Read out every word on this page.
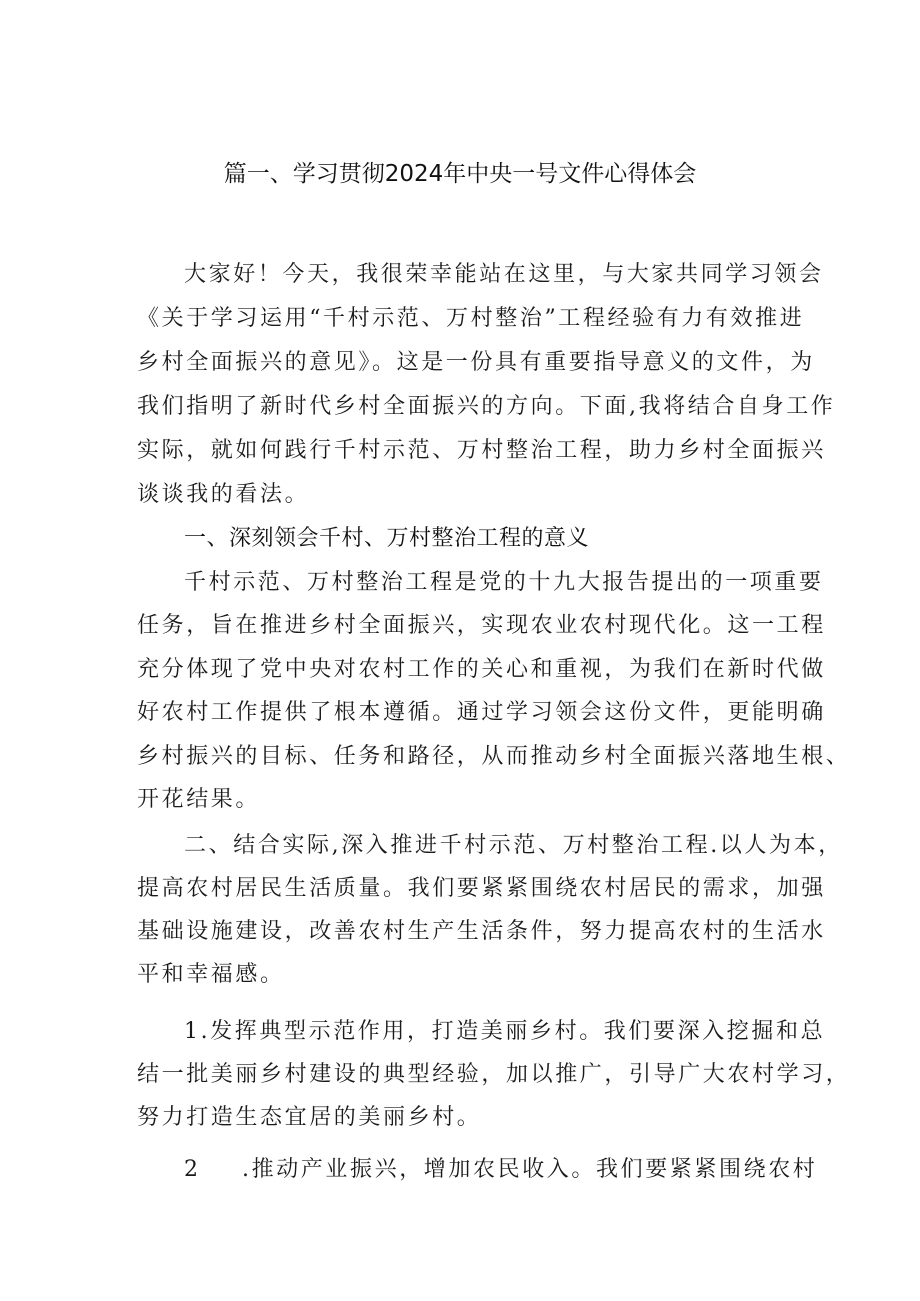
篇一、学习贯彻2024年中央一号文件心得体会
大家好！今天，我很荣幸能站在这里，与大家共同学习领会
《关于学习运用“千村示范、万村整治”工程经验有力有效推进
乡村全面振兴的意见》。这是一份具有重要指导意义的文件，为
我们指明了新时代乡村全面振兴的方向。下面,我将结合自身工作
实际，就如何践行千村示范、万村整治工程，助力乡村全面振兴
谈谈我的看法。
一、深刻领会千村、万村整治工程的意义
千村示范、万村整治工程是党的十九大报告提出的一项重要
任务，旨在推进乡村全面振兴，实现农业农村现代化。这一工程
充分体现了党中央对农村工作的关心和重视，为我们在新时代做
好农村工作提供了根本遵循。通过学习领会这份文件，更能明确
乡村振兴的目标、任务和路径，从而推动乡村全面振兴落地生根、
开花结果。
二、结合实际,深入推进千村示范、万村整治工程.以人为本，
提高农村居民生活质量。我们要紧紧围绕农村居民的需求，加强
基础设施建设，改善农村生产生活条件，努力提高农村的生活水
平和幸福感。
1.发挥典型示范作用，打造美丽乡村。我们要深入挖掘和总
结一批美丽乡村建设的典型经验，加以推广，引导广大农村学习，
努力打造生态宜居的美丽乡村。
2 .推动产业振兴，增加农民收入。我们要紧紧围绕农村
